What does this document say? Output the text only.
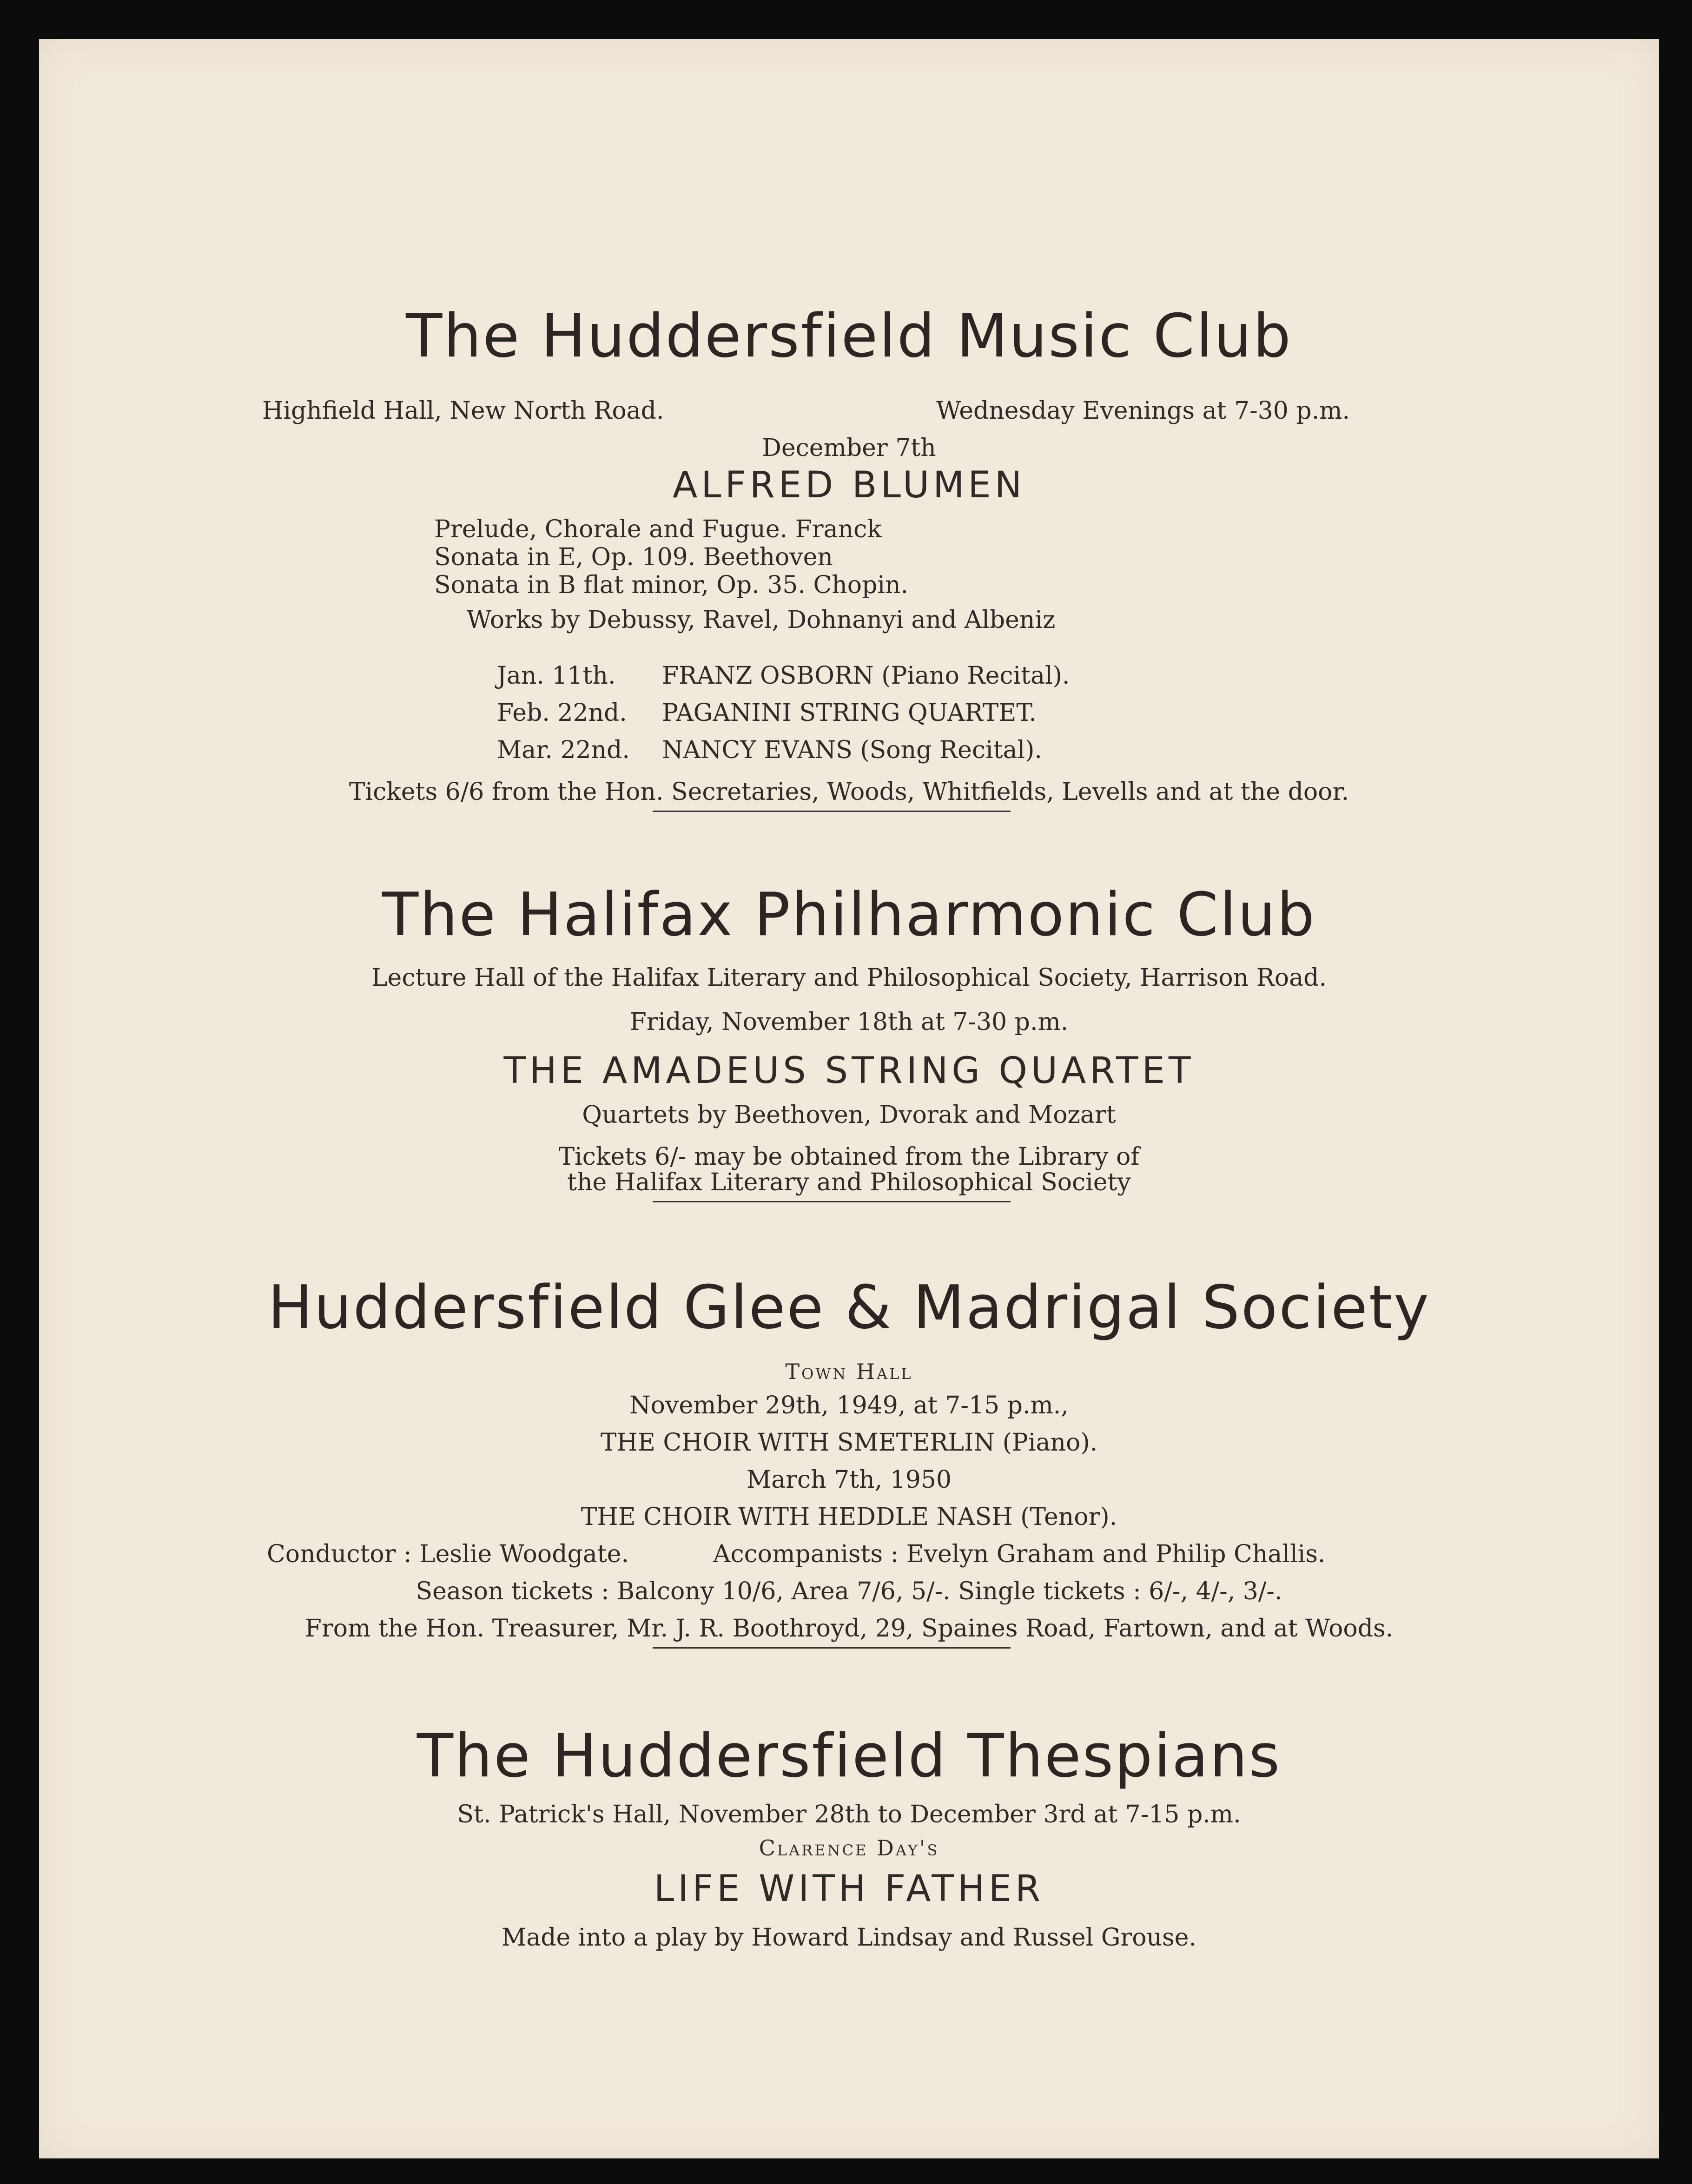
The Huddersfield Music Club
Highfield Hall, New North Road.	Wednesday Evenings at 7-30 p.m.
December 7th
ALFRED BLUMEN
Prelude, Chorale and Fugue. Franck
Sonata in E, Op. 109. Beethoven
Sonata in B flat minor, Op. 35. Chopin.
Works by Debussy, Ravel, Dohnanyi and Albeniz
Jan. 11th. FRANZ OSBORN (Piano Recital).
Feb. 22nd. PAGANINI STRING QUARTET.
Mar. 22nd. NANCY EVANS (Song Recital).
Tickets 6/6 from the Hon. Secretaries, Woods, Whitfields, Levells and at the door.
The Halifax Philharmonic Club
Lecture Hall of the Halifax Literary and Philosophical Society, Harrison Road.
Friday, November 18th at 7-30 p.m.
THE AMADEUS STRING QUARTET
Quartets by Beethoven, Dvorak and Mozart
Tickets 6/- may be obtained from the Library of
the Halifax Literary and Philosophical Society
Huddersfield Glee & Madrigal Society
Town Hall
November 29th, 1949, at 7-15 p.m.,
THE CHOIR WITH SMETERLIN (Piano).
March 7th, 1950
THE CHOIR WITH HEDDLE NASH (Tenor).
Conductor : Leslie Woodgate.	Accompanists : Evelyn Graham and Philip Challis.
Season tickets : Balcony 10/6, Area 7/6, 5/-. Single tickets : 6/-, 4/-, 3/-.
From the Hon. Treasurer, Mr. J. R. Boothroyd, 29, Spaines Road, Fartown, and at Woods.
The Huddersfield Thespians
St. Patrick's Hall, November 28th to December 3rd at 7-15 p.m.
Clarence Day's
LIFE WITH FATHER
Made into a play by Howard Lindsay and Russel Grouse.
